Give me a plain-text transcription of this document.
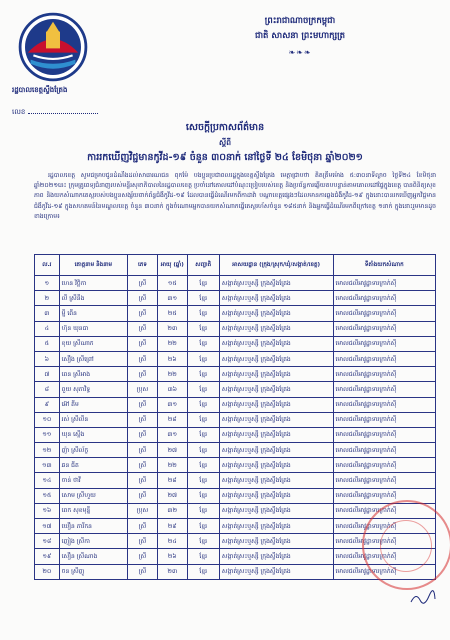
រដ្ឋបាលខេត្តស្ទឹងត្រែង
លេខ
ព្រះរាជាណាចក្រកម្ពុជា
ជាតិ សាសនា ព្រះមហាក្សត្រ
❧❧❧
សេចក្តីប្រកាសព័ត៌មាន
ស្តីពី
ការរកឃើញវិជ្ជមានកូវីដ-១៩ ចំនួន ៣០នាក់ នៅថ្ងៃទី ២៤ ខែមិថុនា ឆ្នាំ២០២១
រដ្ឋបាលខេត្ត សូមជម្រាបជូនដំណឹងដល់សាធារណជន ពុកម៉ែ បងប្អូនប្រជាពលរដ្ឋក្នុងខេត្តស្ទឹងត្រែង មេត្តាជ្រាបថា គិតត្រឹមម៉ោង ៥:៣០នាទីល្ងាច ថ្ងៃទី២៤ ខែមិថុនា ឆ្នាំ២០២១នេះ ក្រុមគ្រូពេទ្យជំនាញរបស់មន្ទីរសុខាភិបាលនៃរដ្ឋបាលខេត្ត ប្រចាំនៅគោលដៅបំណុះប្រៀបរបស់ខេត្ត និងប្រព័ន្ធការឆ្លើយតបបន្ទាន់តាមគោលដៅផ្ទៃក្នុងខេត្ត បានពិនិត្យសុខភាព និងយកសំណាកតេស្តរបស់បងប្អូនសង្ស័យពាក់ព័ន្ធជំងឺកូវីដ-១៩ ដែលបានធ្វើដំណើរមកពីកាដាវ៉ា បណ្តាខេត្តផ្សេងៗដែលមានការឆ្លងជំងឺកូវីដ-១៩ ក្នុងនោះបានរកឃើញអ្នកវិជ្ជមានជំងឺកូវីដ-១៩ ក្នុងសហគមន៍នៃមណ្ឌលខេត្ត ចំនួន ៣០នាក់ ក្នុងចំណោមអ្នកបានយកសំណាកធ្វើតេស្តរហ័សចំនួន ១៨៥នាក់ និងអ្នកធ្វើដំណើរមកពីក្រៅខេត្ត ១នាក់ ក្នុងនោះរួមមានដូចខាងក្រោម៖
ល.រ	គោត្តនាម និងនាម	ភេទ	អាយុ (ឆ្នាំ)	សញ្ជាតិ	អាសយដ្ឋាន (ក្រុង/ស្រុក/ឃុំ/សង្កាត់/ខេត្ត)	ទីតាំងយកសំណាក
១	ហេន វិច្ឆិកា	ស្រី	១៥	ខ្មែរ	សង្កាត់ស្រះឬស្សី ក្រុងស្ទឹងត្រែង	មោលផលីអាវូដ្ឋាទារក្រាក់ស៊ី
២	លី ស្រីនីង	ស្រី	៣១	ខ្មែរ	សង្កាត់ស្រះឬស្សី ក្រុងស្ទឹងត្រែង	មោលផលីអាវូដ្ឋាទារក្រាក់ស៊ី
៣	ម្នី ពើន	ស្រី	២៥	ខ្មែរ	សង្កាត់ស្រះឬស្សី ក្រុងស្ទឹងត្រែង	មោលផលីអាវូដ្ឋាទារក្រាក់ស៊ី
៤	ហ៊ុន ឃុនធា	ស្រី	២៣	ខ្មែរ	សង្កាត់ស្រះឬស្សី ក្រុងស្ទឹងត្រែង	មោលផលីអាវូដ្ឋាទារក្រាក់ស៊ី
៥	ខុយ ស្រីណាក	ស្រី	២២	ខ្មែរ	សង្កាត់ស្រះឬស្សី ក្រុងស្ទឹងត្រែង	មោលផលីអាវូដ្ឋាទារក្រាក់ស៊ី
៦	សឿង ស្រីព្រៅ	ស្រី	២៦	ខ្មែរ	សង្កាត់ស្រះឬស្សី ក្រុងស្ទឹងត្រែង	មោលផលីអាវូដ្ឋាទារក្រាក់ស៊ី
៧	ពេន ស្រីអាង	ស្រី	២២	ខ្មែរ	សង្កាត់ស្រះឬស្សី ក្រុងស្ទឹងត្រែង	មោលផលីអាវូដ្ឋាទារក្រាក់ស៊ី
៨	ពួយ សុភាវិទ្ធ	ប្រុស	៣៦	ខ្មែរ	សង្កាត់ស្រះឬស្សី ក្រុងស្ទឹងត្រែង	មោលផលីអាវូដ្ឋាទារក្រាក់ស៊ី
៩	អ៊ៅ គីម	ស្រី	៣១	ខ្មែរ	សង្កាត់ស្រះឬស្សី ក្រុងស្ទឹងត្រែង	មោលផលីអាវូដ្ឋាទារក្រាក់ស៊ី
១០	រស់ ស្រីលីន	ស្រី	២៨	ខ្មែរ	សង្កាត់ស្រះឬស្សី ក្រុងស្ទឹងត្រែង	មោលផលីអាវូដ្ឋាទារក្រាក់ស៊ី
១១	ឃុន ស្ដើង	ស្រី	៣១	ខ្មែរ	សង្កាត់ស្រះឬស្សី ក្រុងស្ទឹងត្រែង	មោលផលីអាវូដ្ឋាទារក្រាក់ស៊ី
១២	ញ៉ា ស្រីល័ក្ខ	ស្រី	២៧	ខ្មែរ	សង្កាត់ស្រះឬស្សី ក្រុងស្ទឹងត្រែង	មោលផលីអាវូដ្ឋាទារក្រាក់ស៊ី
១៣	ឆន ធីត	ស្រី	២២	ខ្មែរ	សង្កាត់ស្រះឬស្សី ក្រុងស្ទឹងត្រែង	មោលផលីអាវូដ្ឋាទារក្រាក់ស៊ី
១៤	ចាន់ ថាវី	ស្រី	២៨	ខ្មែរ	សង្កាត់ស្រះឬស្សី ក្រុងស្ទឹងត្រែង	មោលផលីអាវូដ្ឋាទារក្រាក់ស៊ី
១៥	សោម ស្រីហួយ	ស្រី	២៧	ខ្មែរ	សង្កាត់ស្រះឬស្សី ក្រុងស្ទឹងត្រែង	មោលផលីអាវូដ្ឋាទារក្រាក់ស៊ី
១៦	ពេក សុខមុន្នី	ប្រុស	៣២	ខ្មែរ	សង្កាត់ស្រះឬស្សី ក្រុងស្ទឹងត្រែង	មោលផលីអាវូដ្ឋាទារក្រាក់ស៊ី
១៧	ឃឿន ភារីកន	ស្រី	២៩	ខ្មែរ	សង្កាត់ស្រះឬស្សី ក្រុងស្ទឹងត្រែង	មោលផលីអាវូដ្ឋាទារក្រាក់ស៊ី
១៨	ញៀង ស្រីកា	ស្រី	២៤	ខ្មែរ	សង្កាត់ស្រះឬស្សី ក្រុងស្ទឹងត្រែង	មោលផលីអាវូដ្ឋាទារក្រាក់ស៊ី
១៩	សឿន ស្រីណាង	ស្រី	២៦	ខ្មែរ	សង្កាត់ស្រះឬស្សី ក្រុងស្ទឹងត្រែង	មោលផលីអាវូដ្ឋាទារក្រាក់ស៊ី
២០	ចន ស្រីញូ	ស្រី	២៣	ខ្មែរ	សង្កាត់ស្រះឬស្សី ក្រុងស្ទឹងត្រែង	មោលផលីអាវូដ្ឋាទារក្រាក់ស៊ី
